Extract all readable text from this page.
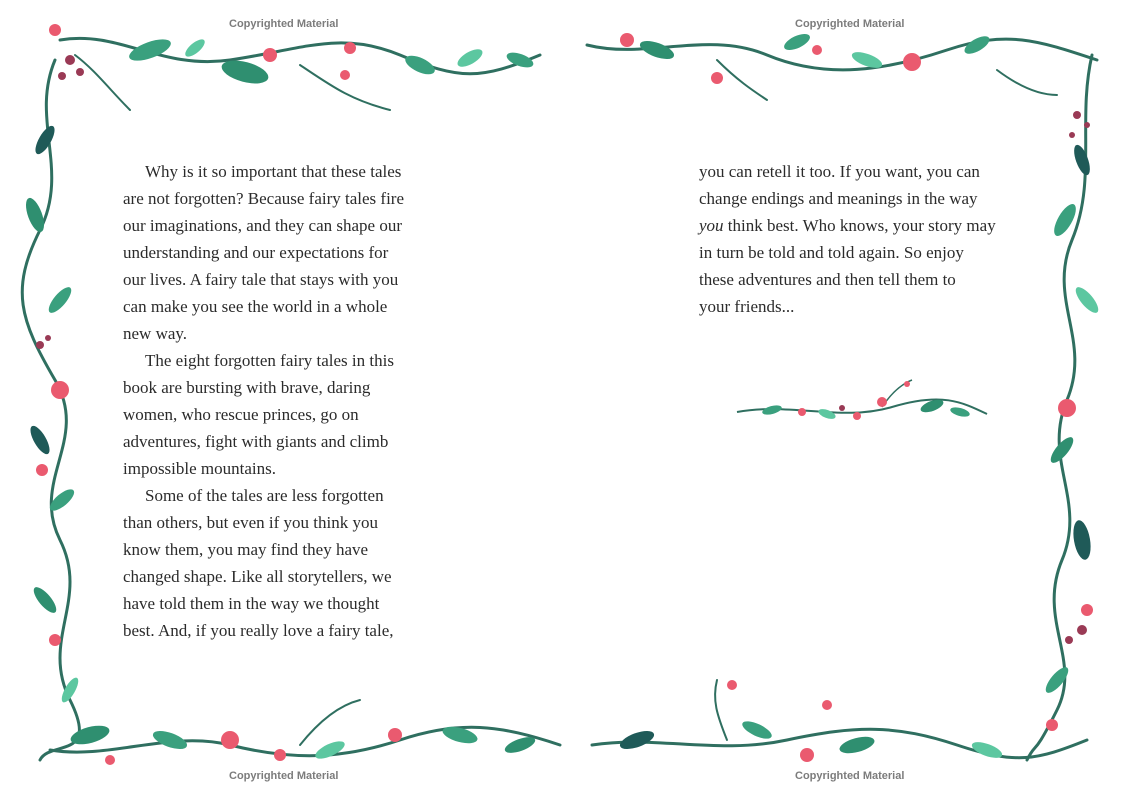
Copyrighted Material
Copyrighted Material

Why is it so important that these tales

are not forgotten? Because fairy tales fire

our imaginations, and they can shape our

understanding and our expectations for

our lives. A fairy tale that stays with you

can make you see the world in a whole

new way.

The eight forgotten fairy tales in this

book are bursting with brave, daring

women, who rescue princes, go on

adventures, fight with giants and climb

impossible mountains.

Some of the tales are less forgotten

than others, but even if you think you

know them, you may find they have

changed shape. Like all storytellers, we

have told them in the way we thought

best. And, if you really love a fairy tale,

Copyrighted Material
Copyrighted Material

you can retell it too. If you want, you can

change endings and meanings in the way

you think best. Who knows, your story may

in turn be told and told again. So enjoy

these adventures and then tell them to

your friends...
